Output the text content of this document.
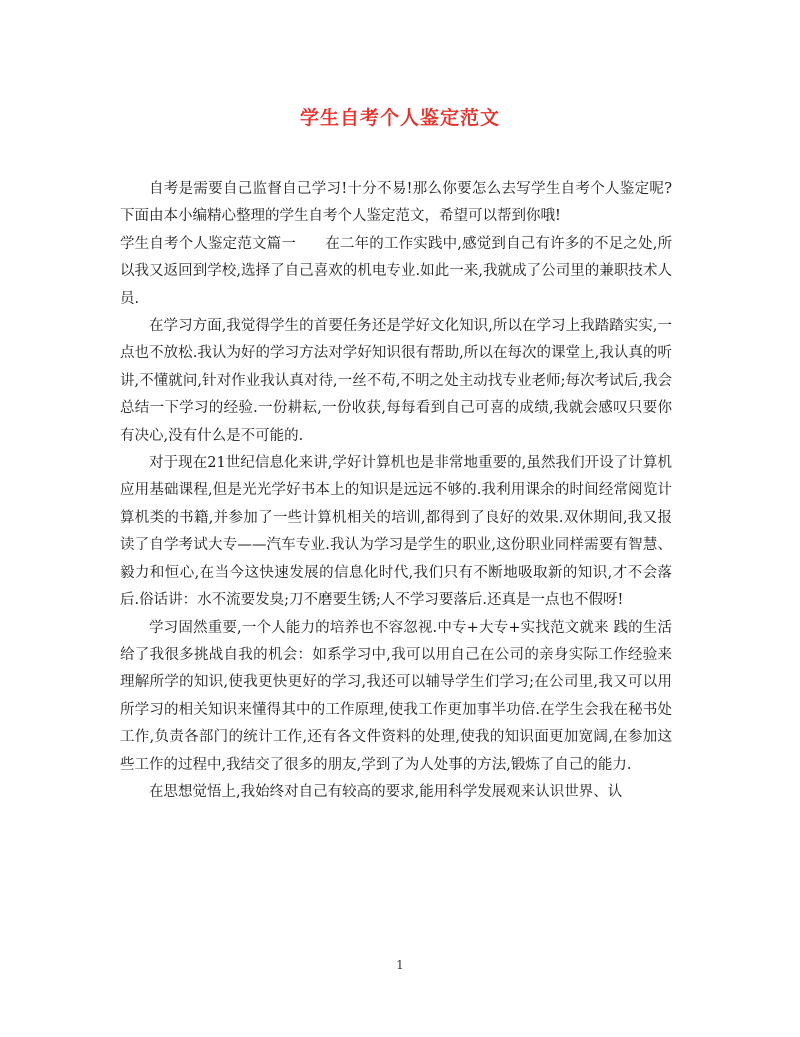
学生自考个人鉴定范文

自考是需要自己监督自己学习!十分不易!那么你要怎么去写学生自考个人鉴定呢?下面由本小编精心整理的学生自考个人鉴定范文，希望可以帮到你哦!

学生自考个人鉴定范文篇一　　在二年的工作实践中,感觉到自己有许多的不足之处,所以我又返回到学校,选择了自己喜欢的机电专业.如此一来,我就成了公司里的兼职技术人员.

在学习方面,我觉得学生的首要任务还是学好文化知识,所以在学习上我踏踏实实,一点也不放松.我认为好的学习方法对学好知识很有帮助,所以在每次的课堂上,我认真的听讲,不懂就问,针对作业我认真对待,一丝不苟,不明之处主动找专业老师;每次考试后,我会总结一下学习的经验.一份耕耘,一份收获,每每看到自己可喜的成绩,我就会感叹只要你有决心,没有什么是不可能的.

对于现在21世纪信息化来讲,学好计算机也是非常地重要的,虽然我们开设了计算机应用基础课程,但是光光学好书本上的知识是远远不够的.我利用课余的时间经常阅览计算机类的书籍,并参加了一些计算机相关的培训,都得到了良好的效果.双休期间,我又报读了自学考试大专——汽车专业.我认为学习是学生的职业,这份职业同样需要有智慧、毅力和恒心,在当今这快速发展的信息化时代,我们只有不断地吸取新的知识,才不会落后.俗话讲：水不流要发臭;刀不磨要生锈;人不学习要落后.还真是一点也不假呀!

学习固然重要,一个人能力的培养也不容忽视.中专+大专+实找范文就来 践的生活给了我很多挑战自我的机会：如系学习中,我可以用自己在公司的亲身实际工作经验来理解所学的知识,使我更快更好的学习,我还可以辅导学生们学习;在公司里,我又可以用所学习的相关知识来懂得其中的工作原理,使我工作更加事半功倍.在学生会我在秘书处工作,负责各部门的统计工作,还有各文件资料的处理,使我的知识面更加宽阔,在参加这些工作的过程中,我结交了很多的朋友,学到了为人处事的方法,锻炼了自己的能力.

在思想觉悟上,我始终对自己有较高的要求,能用科学发展观来认识世界、认

1
